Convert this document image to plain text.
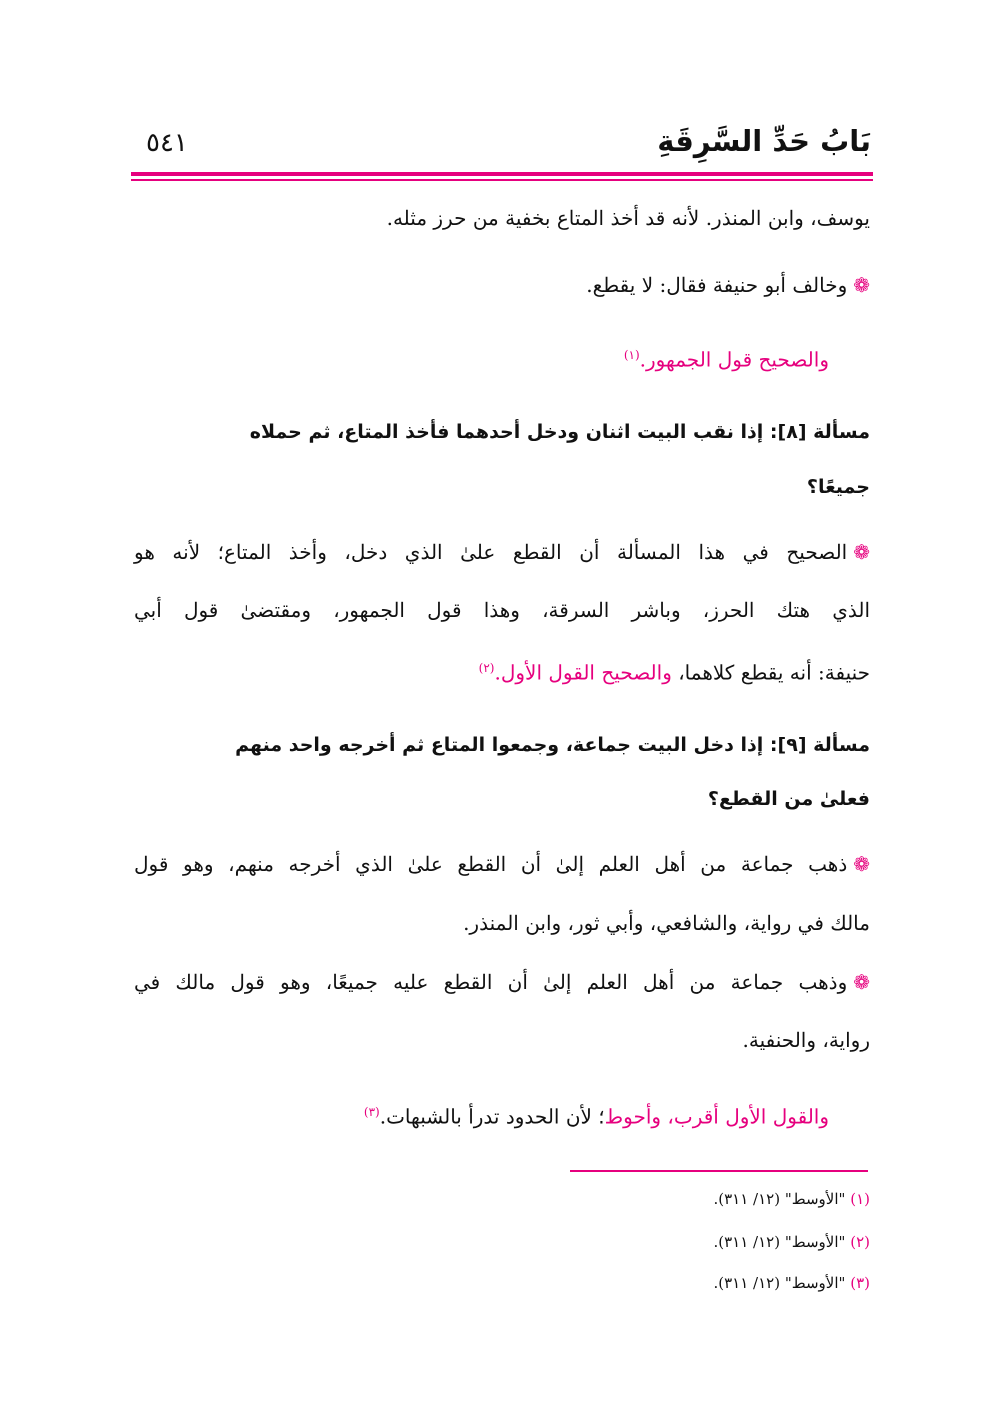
بَابُ حَدِّ السَّرِقَةِ
٥٤١
يوسف، وابن المنذر. لأنه قد أخذ المتاع بخفية من حرز مثله.
❁وخالف أبو حنيفة فقال: لا يقطع.
والصحيح قول الجمهور.$^{(١)}$
مسألة [٨]: إذا نقب البيت اثنان ودخل أحدهما فأخذ المتاع، ثم حملاه
جميعًا؟
❁الصحيح في هذا المسألة أن القطع علىٰ الذي دخل، وأخذ المتاع؛ لأنه هو
الذي هتك الحرز، وباشر السرقة، وهذا قول الجمهور، ومقتضىٰ قول أبي
حنيفة: أنه يقطع كلاهما، والصحيح القول الأول.$^{(٢)}$
مسألة [٩]: إذا دخل البيت جماعة، وجمعوا المتاع ثم أخرجه واحد منهم
فعلىٰ من القطع؟
❁ذهب جماعة من أهل العلم إلىٰ أن القطع علىٰ الذي أخرجه منهم، وهو قول
مالك في رواية، والشافعي، وأبي ثور، وابن المنذر.
❁وذهب جماعة من أهل العلم إلىٰ أن القطع عليه جميعًا، وهو قول مالك في
رواية، والحنفية.
والقول الأول أقرب، وأحوط؛ لأن الحدود تدرأ بالشبهات.$^{(٣)}$
(١) "الأوسط" (١٢/ ٣١١).
(٢) "الأوسط" (١٢/ ٣١١).
(٣) "الأوسط" (١٢/ ٣١١).
